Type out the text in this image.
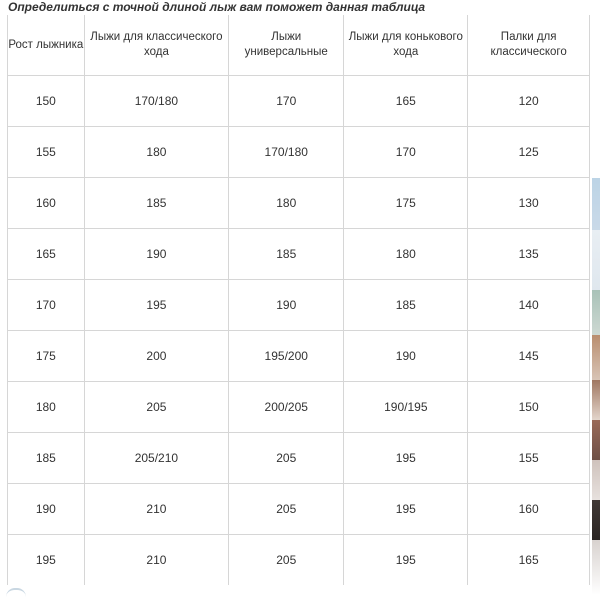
Определиться с точной длиной лыж вам поможет данная таблица
Рост лыжника	Лыжи для классического хода	Лыжи универсальные	Лыжи для конькового хода	Палки для классического
150	170/180	170	165	120
155	180	170/180	170	125
160	185	180	175	130
165	190	185	180	135
170	195	190	185	140
175	200	195/200	190	145
180	205	200/205	190/195	150
185	205/210	205	195	155
190	210	205	195	160
195	210	205	195	165
